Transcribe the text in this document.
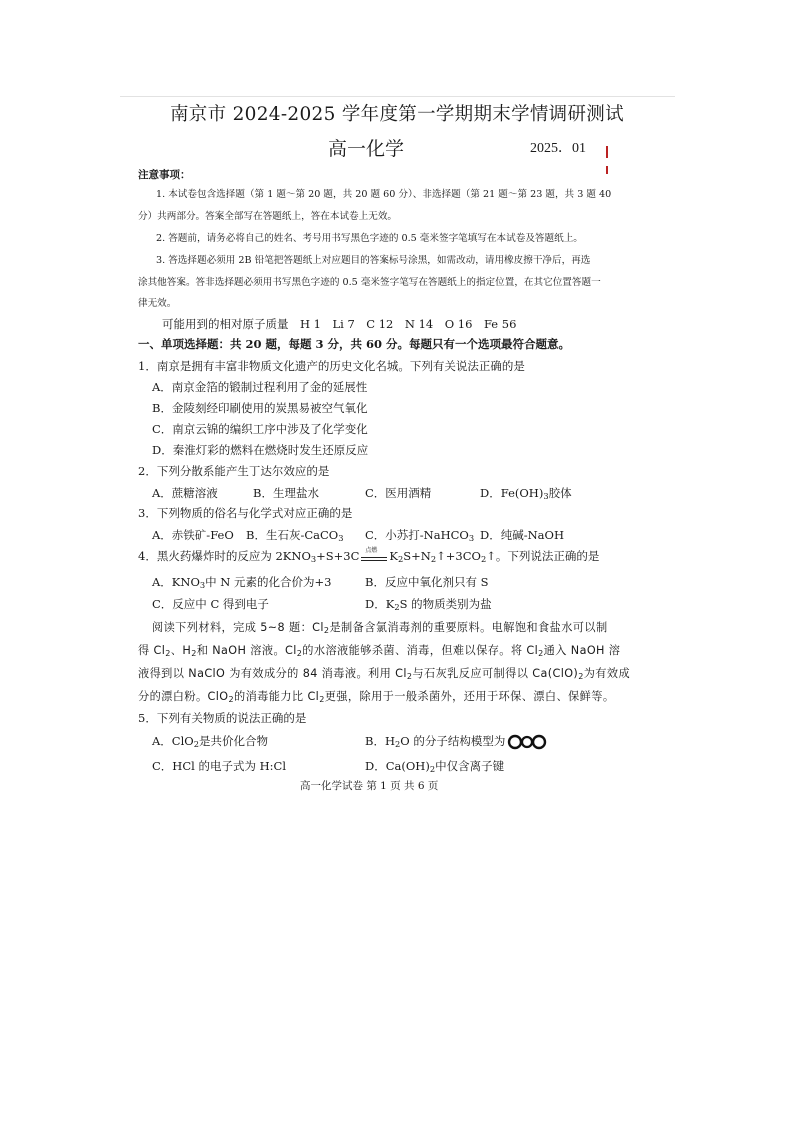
南京市 2024-2025 学年度第一学期期末学情调研测试
高一化学	2025．01
注意事项：
1. 本试卷包含选择题（第 1 题～第 20 题，共 20 题 60 分）、非选择题（第 21 题～第 23 题，共 3 题 40
分）共两部分。答案全部写在答题纸上，答在本试卷上无效。
2. 答题前，请务必将自己的姓名、考号用书写黑色字迹的 0.5 毫米签字笔填写在本试卷及答题纸上。
3. 答选择题必须用 2B 铅笔把答题纸上对应题目的答案标号涂黑，如需改动，请用橡皮擦干净后，再选
涂其他答案。答非选择题必须用书写黑色字迹的 0.5 毫米签字笔写在答题纸上的指定位置，在其它位置答题一
律无效。
可能用到的相对原子质量　H 1　Li 7　C 12　N 14　O 16　Fe 56
一、单项选择题：共 20 题，每题 3 分，共 60 分。每题只有一个选项最符合题意。
1．南京是拥有丰富非物质文化遗产的历史文化名城。下列有关说法正确的是
A．南京金箔的锻制过程利用了金的延展性
B．金陵刻经印刷使用的炭黑易被空气氧化
C．南京云锦的编织工序中涉及了化学变化
D．秦淮灯彩的燃料在燃烧时发生还原反应
2．下列分散系能产生丁达尔效应的是
A．蔗糖溶液	B．生理盐水	C．医用酒精	D．$Fe(OH)_3$胶体
3．下列物质的俗名与化学式对应正确的是
A．赤铁矿-FeO B．生石灰-CaCO$_3$ C．小苏打-NaHCO$_3$ D．纯碱-NaOH
4．黑火药爆炸时的反应为 $2KNO_3+S+3C$ 点燃 $K_2S+N_2↑+3CO_2↑$。下列说法正确的是
A．$KNO_3$中 N 元素的化合价为+3	B．反应中氧化剂只有 S
C．反应中 C 得到电子	D．$K_2S$ 的物质类别为盐
阅读下列材料，完成 5~8 题：$Cl_2$是制备含氯消毒剂的重要原料。电解饱和食盐水可以制
得 $Cl_2$、$H_2$和 NaOH 溶液。$Cl_2$的水溶液能够杀菌、消毒，但难以保存。将 $Cl_2$通入 NaOH 溶
液得到以 NaClO 为有效成分的 84 消毒液。利用 $Cl_2$与石灰乳反应可制得以 $Ca(ClO)_2$为有效成
分的漂白粉。ClO$_2$的消毒能力比 $Cl_2$更强，除用于一般杀菌外，还用于环保、漂白、保鲜等。
5．下列有关物质的说法正确的是
A．ClO$_2$是共价化合物	B．$H_2O$ 的分子结构模型为
C．HCl 的电子式为 H:Cl	D．$Ca(OH)_2$中仅含离子键
高一化学试卷 第 1 页 共 6 页
